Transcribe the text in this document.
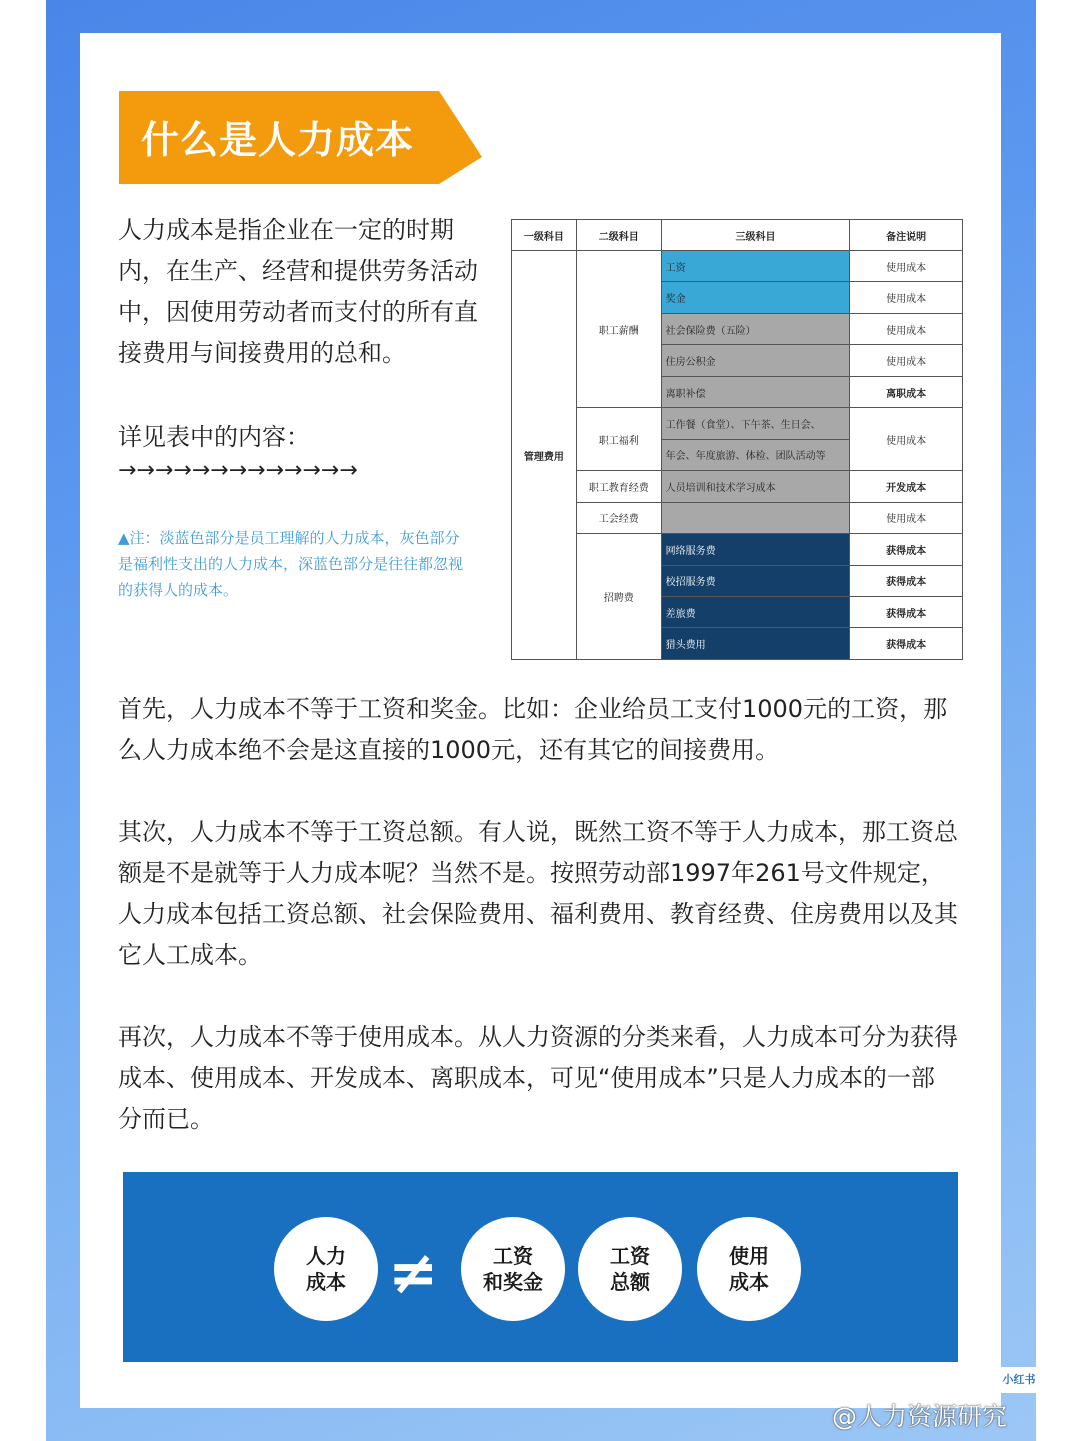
什么是人力成本
人力成本是指企业在一定的时期内，在生产、经营和提供劳务活动中，因使用劳动者而支付的所有直接费用与间接费用的总和。
详见表中的内容：
→→→→→→→→→→→→→
▲注：淡蓝色部分是员工理解的人力成本，灰色部分是福利性支出的人力成本，深蓝色部分是往往都忽视的获得人的成本。
一级科目	二级科目	三级科目	备注说明
管理费用	职工薪酬	工资	使用成本
		奖金	使用成本
		社会保险费（五险）	使用成本
		住房公积金	使用成本
		离职补偿	离职成本
	职工福利	工作餐（食堂）、下午茶、生日会、	使用成本
		年会、年度旅游、体检、团队活动等	
	职工教育经费	人员培训和技术学习成本	开发成本
	工会经费		使用成本
	招聘费	网络服务费	获得成本
		校招服务费	获得成本
		差旅费	获得成本
		猎头费用	获得成本
首先，人力成本不等于工资和奖金。比如：企业给员工支付1000元的工资，那么人力成本绝不会是这直接的1000元，还有其它的间接费用。
其次，人力成本不等于工资总额。有人说，既然工资不等于人力成本，那工资总额是不是就等于人力成本呢？当然不是。按照劳动部1997年261号文件规定，人力成本包括工资总额、社会保险费用、福利费用、教育经费、住房费用以及其它人工成本。
再次，人力成本不等于使用成本。从人力资源的分类来看，人力成本可分为获得成本、使用成本、开发成本、离职成本，可见“使用成本”只是人力成本的一部分而已。
人力
成本 ≠	工资
和奖金
工资
总额
使用
成本
小红书
@人力资源研究
